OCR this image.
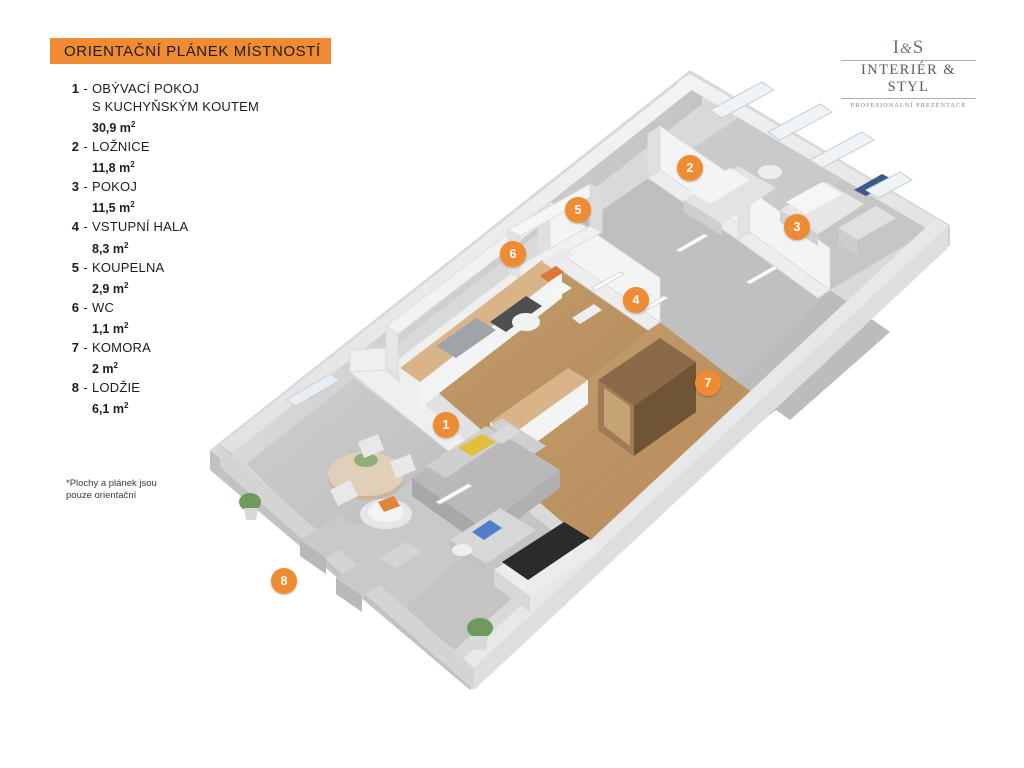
ORIENTAČNÍ PLÁNEK MÍSTNOSTÍ
1 - OBÝVACÍ POKOJ
S KUCHYŇSKÝM KOUTEM
30,9 $m^2$
2 - LOŽNICE
11,8 $m^2$
3 - POKOJ
11,5 $m^2$
4 - VSTUPNÍ HALA
8,3 $m^2$
5 - KOUPELNA
2,9 $m^2$
6 - WC
1,1 $m^2$
7 - KOMORA
2 $m^2$
8 - LODŽIE
6,1 $m^2$
*Plochy a plánek jsou
pouze orientační
I&S
INTERIÉR & STYL
PROFESIONÁLNÍ PREZENTACE
1
2
3
4
5
6
7
8
